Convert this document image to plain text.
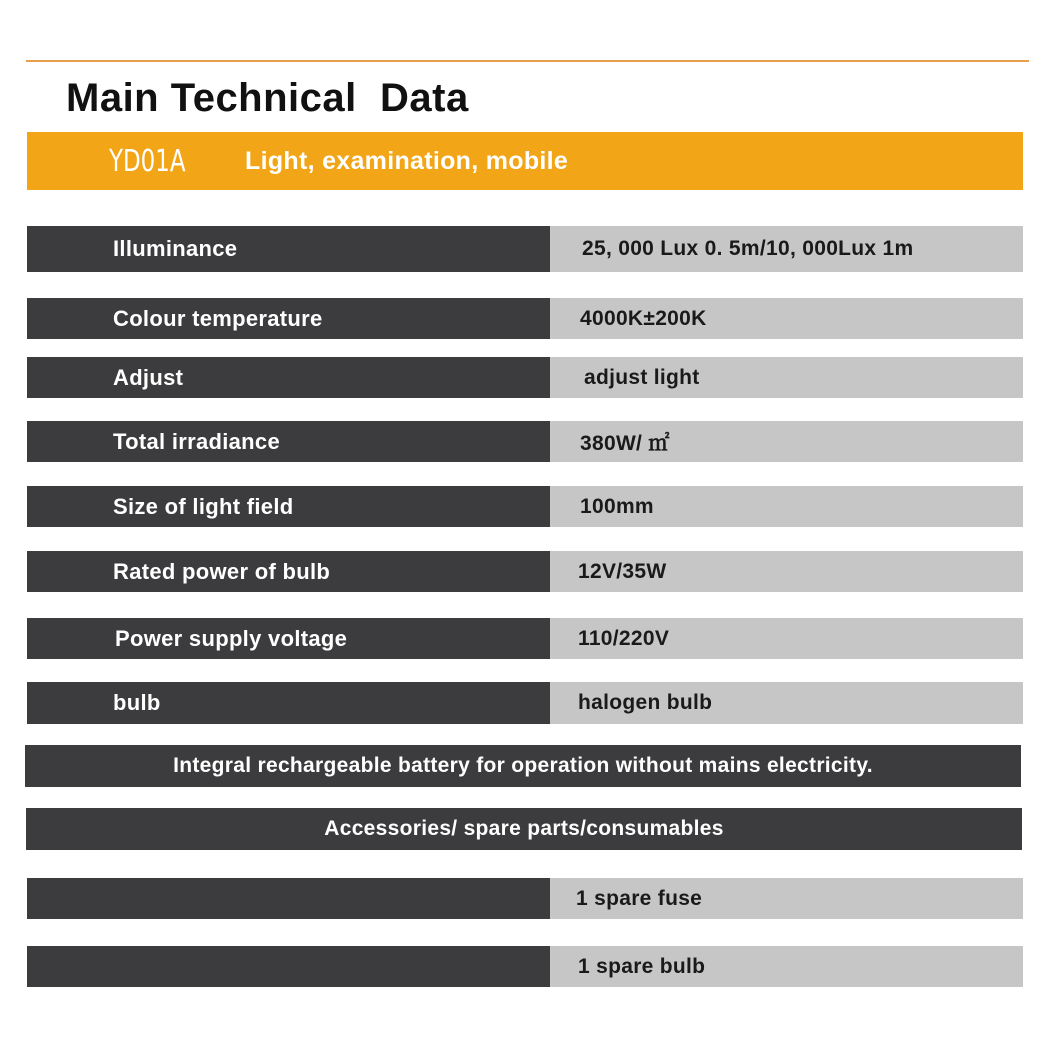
Main Technical  Data
YD01A Light, examination, mobile
Illuminance	25, 000 Lux 0. 5m/10, 000Lux 1m
Colour temperature	4000K±200K
Adjust	adjust light
Total irradiance	380W/ ㎡
Size of light field	100mm
Rated power of bulb	12V/35W
Power supply voltage	110/220V
bulb	halogen bulb
Integral rechargeable battery for operation without mains electricity.
Accessories/ spare parts/consumables
1 spare fuse
1 spare bulb
